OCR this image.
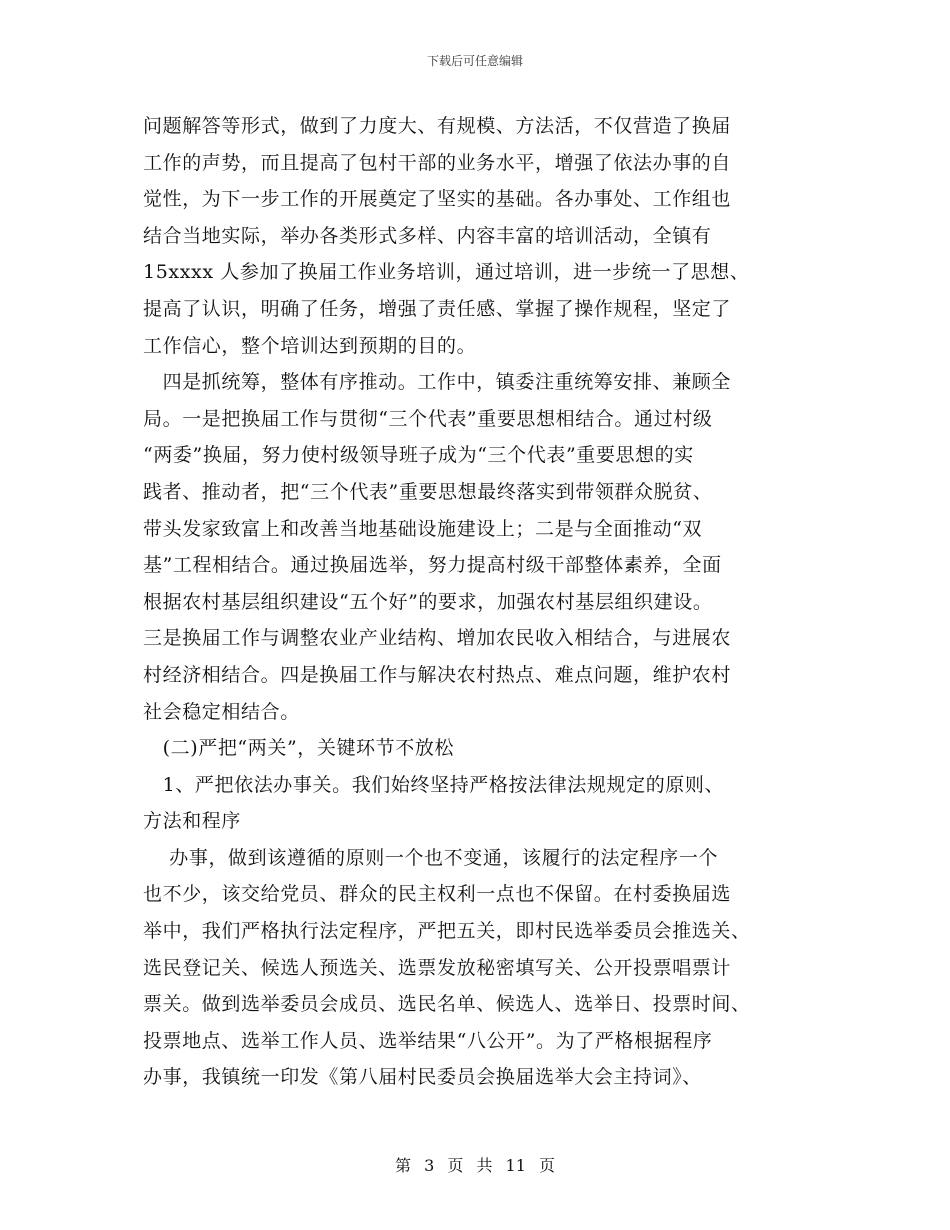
下载后可任意编辑
问题解答等形式，做到了力度大、有规模、方法活，不仅营造了换届
工作的声势，而且提高了包村干部的业务水平，增强了依法办事的自
觉性，为下一步工作的开展奠定了坚实的基础。各办事处、工作组也
结合当地实际，举办各类形式多样、内容丰富的培训活动，全镇有
15xxxx 人参加了换届工作业务培训，通过培训，进一步统一了思想、
提高了认识，明确了任务，增强了责任感、掌握了操作规程，坚定了
工作信心，整个培训达到预期的目的。
　四是抓统筹，整体有序推动。工作中，镇委注重统筹安排、兼顾全
局。一是把换届工作与贯彻“三个代表”重要思想相结合。通过村级
“两委”换届，努力使村级领导班子成为“三个代表”重要思想的实
践者、推动者，把“三个代表”重要思想最终落实到带领群众脱贫、
带头发家致富上和改善当地基础设施建设上；二是与全面推动“双
基”工程相结合。通过换届选举，努力提高村级干部整体素养，全面
根据农村基层组织建设“五个好”的要求，加强农村基层组织建设。
三是换届工作与调整农业产业结构、增加农民收入相结合，与进展农
村经济相结合。四是换届工作与解决农村热点、难点问题，维护农村
社会稳定相结合。
　(二)严把“两关”，关键环节不放松
　1、严把依法办事关。我们始终坚持严格按法律法规规定的原则、
方法和程序
　 办事，做到该遵循的原则一个也不变通，该履行的法定程序一个
也不少，该交给党员、群众的民主权利一点也不保留。在村委换届选
举中，我们严格执行法定程序，严把五关，即村民选举委员会推选关、
选民登记关、候选人预选关、选票发放秘密填写关、公开投票唱票计
票关。做到选举委员会成员、选民名单、候选人、选举日、投票时间、
投票地点、选举工作人员、选举结果“八公开”。为了严格根据程序
办事，我镇统一印发《第八届村民委员会换届选举大会主持词》、
第 3 页 共 11 页
